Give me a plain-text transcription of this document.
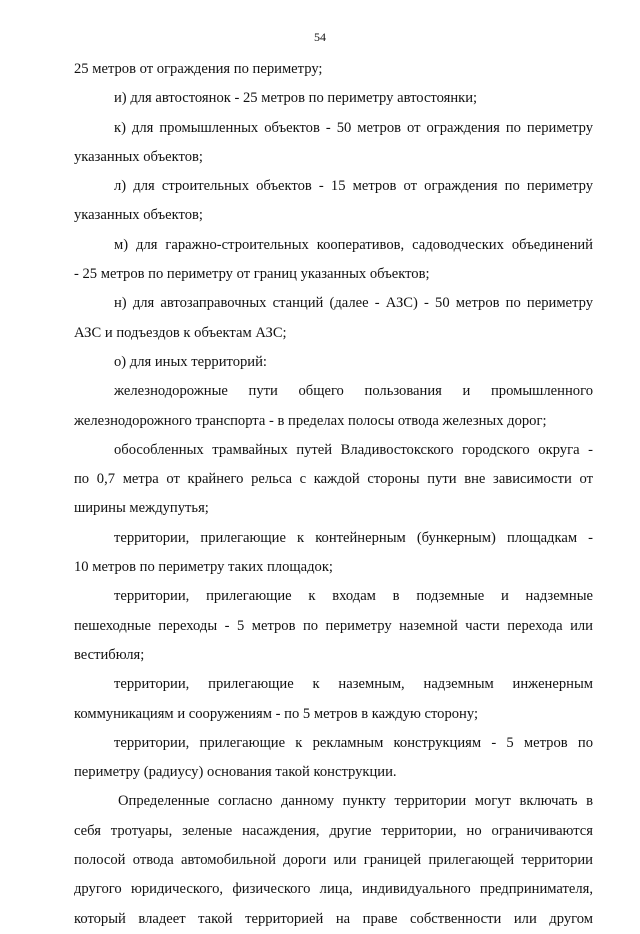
54
25 метров от ограждения по периметру;
и) для автостоянок - 25 метров по периметру автостоянки;
к) для промышленных объектов - 50 метров от ограждения по периметру
указанных объектов;
л) для строительных объектов - 15 метров от ограждения по периметру
указанных объектов;
м) для гаражно-строительных кооперативов, садоводческих объединений
- 25 метров по периметру от границ указанных объектов;
н) для автозаправочных станций (далее - АЗС) - 50 метров по периметру
АЗС и подъездов к объектам АЗС;
о) для иных территорий:
железнодорожные пути общего пользования и промышленного
железнодорожного транспорта - в пределах полосы отвода железных дорог;
обособленных трамвайных путей Владивостокского городского округа -
по 0,7 метра от крайнего рельса с каждой стороны пути вне зависимости от
ширины междупутья;
территории, прилегающие к контейнерным (бункерным) площадкам -
10 метров по периметру таких площадок;
территории, прилегающие к входам в подземные и надземные
пешеходные переходы - 5 метров по периметру наземной части перехода или
вестибюля;
территории, прилегающие к наземным, надземным инженерным
коммуникациям и сооружениям - по 5 метров в каждую сторону;
территории, прилегающие к рекламным конструкциям - 5 метров по
периметру (радиусу) основания такой конструкции.
Определенные согласно данному пункту территории могут включать в
себя тротуары, зеленые насаждения, другие территории, но ограничиваются
полосой отвода автомобильной дороги или границей прилегающей территории
другого юридического, физического лица, индивидуального предпринимателя,
который владеет такой территорией на праве собственности или другом
